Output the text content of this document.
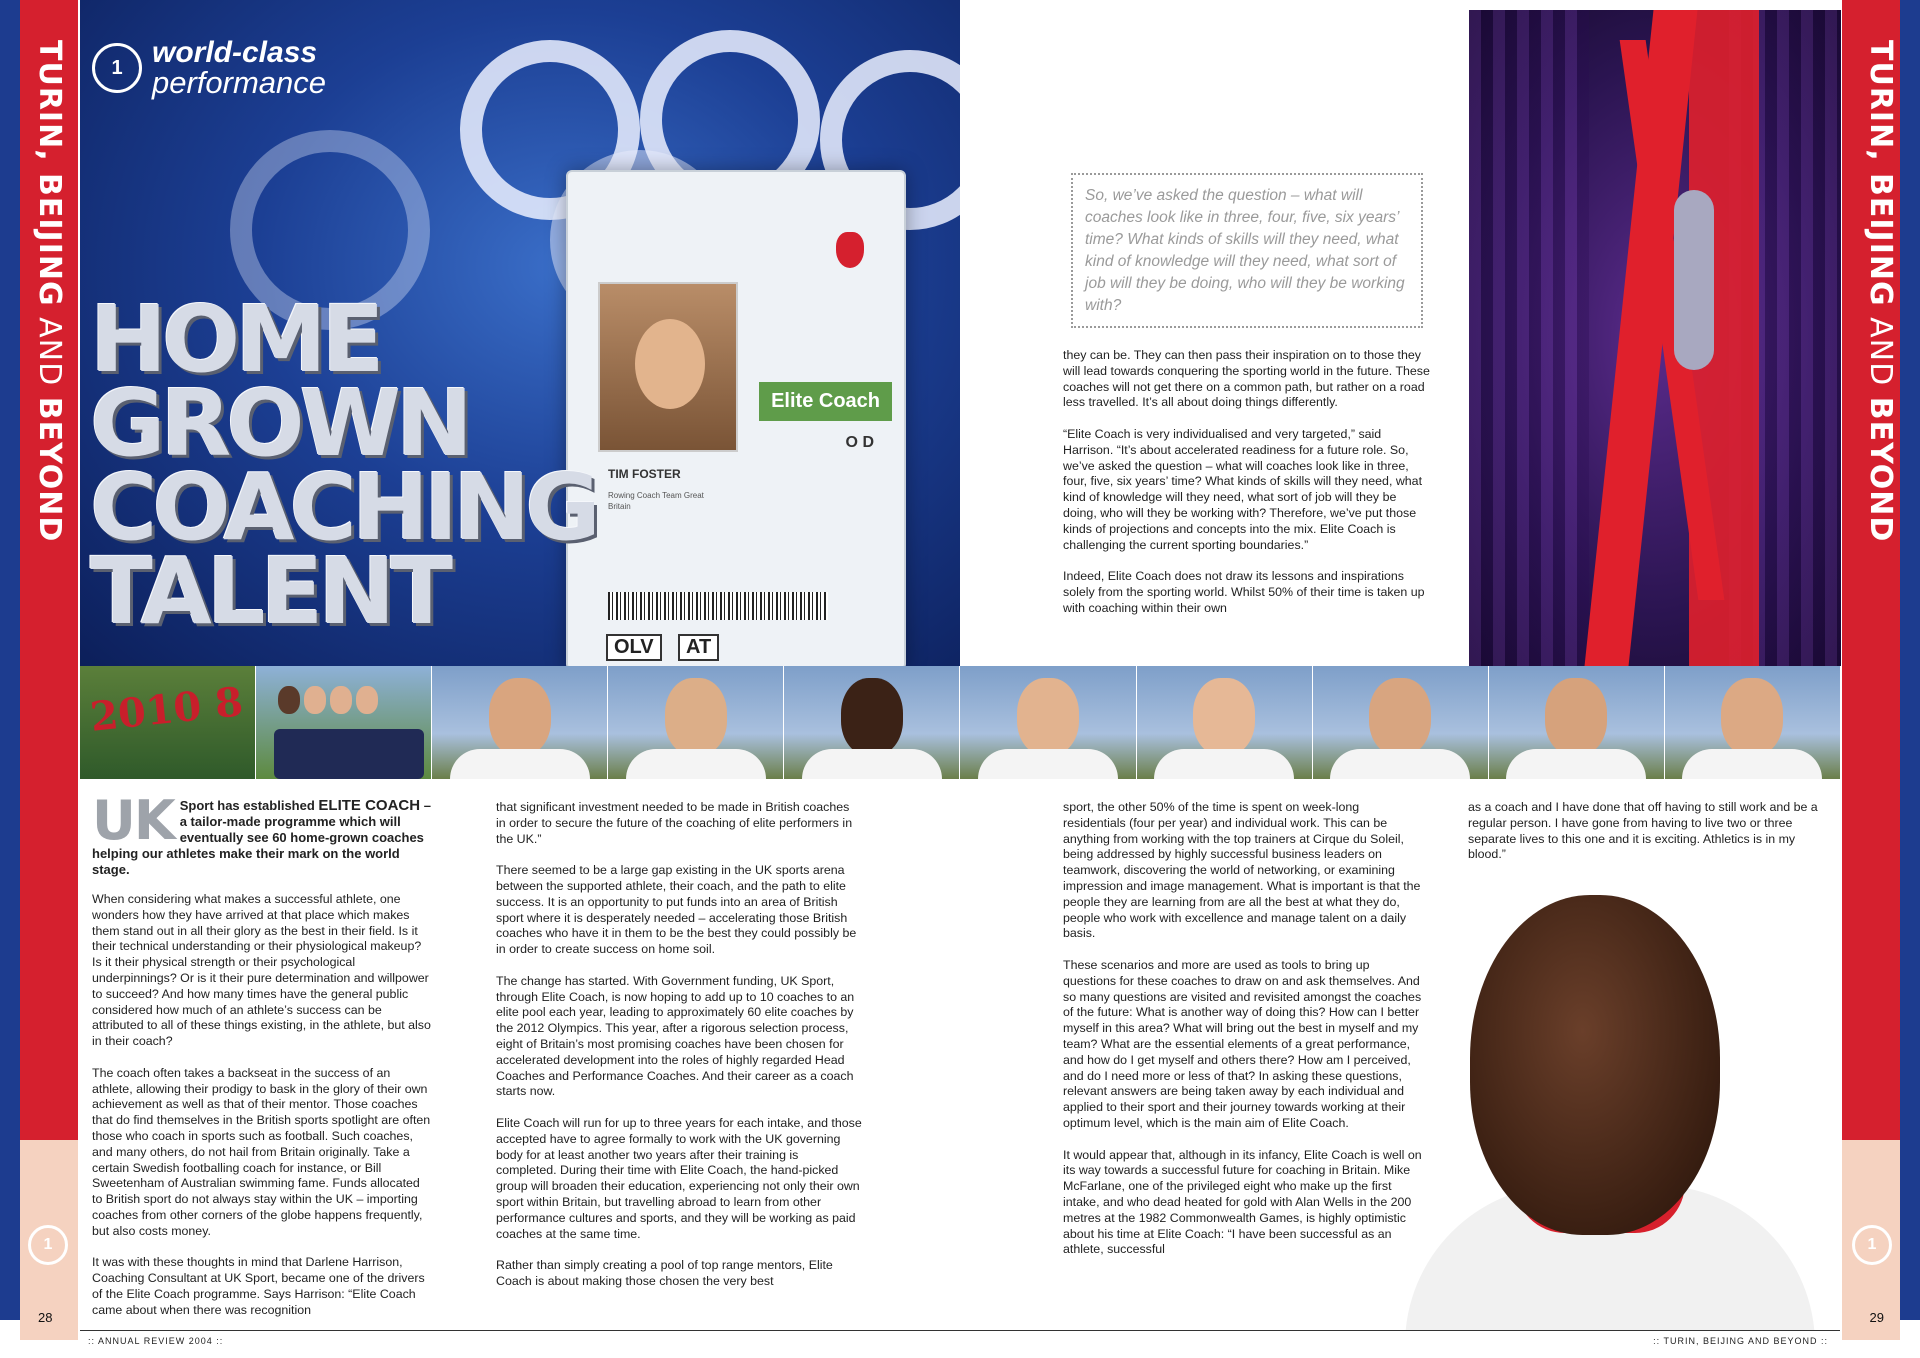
TURIN, BEIJING AND BEYOND
1
28
TURIN, BEIJING AND BEYOND
1
29
Elite Coach
O D
TIM FOSTER
Rowing Coach Team Great Britain
OLV	AT
1 world-class
performance
HOME
GROWN
COACHING
TALENT
So, we’ve asked the question – what will coaches look like in three, four, five, six years’ time? What kinds of skills will they need, what kind of knowledge will they need, what sort of job will they be doing, who will they be working with?

they can be. They can then pass their inspiration on to those they will lead towards conquering the sporting world in the future. These coaches will not get there on a common path, but rather on a road less travelled. It’s all about doing things differently.

“Elite Coach is very individualised and very targeted,” said Harrison. “It’s about accelerated readiness for a future role. So, we’ve asked the question – what will coaches look like in three, four, five, six years’ time? What kinds of skills will they need, what kind of knowledge will they need, what sort of job will they be doing, who will they be working with? Therefore, we’ve put those kinds of projections and concepts into the mix. Elite Coach is challenging the current sporting boundaries.”

Indeed, Elite Coach does not draw its lessons and inspirations solely from the sporting world. Whilst 50% of their time is taken up with coaching within their own

2010 8
UK Sport has established ELITE COACH – a tailor-made programme which will eventually see 60 home-grown coaches helping our athletes make their mark on the world stage.

When considering what makes a successful athlete, one wonders how they have arrived at that place which makes them stand out in all their glory as the best in their field. Is it their technical understanding or their physiological makeup? Is it their physical strength or their psychological underpinnings? Or is it their pure determination and willpower to succeed? And how many times have the general public considered how much of an athlete’s success can be attributed to all of these things existing, in the athlete, but also in their coach?

The coach often takes a backseat in the success of an athlete, allowing their prodigy to bask in the glory of their own achievement as well as that of their mentor. Those coaches that do find themselves in the British sports spotlight are often those who coach in sports such as football. Such coaches, and many others, do not hail from Britain originally. Take a certain Swedish footballing coach for instance, or Bill Sweetenham of Australian swimming fame. Funds allocated to British sport do not always stay within the UK – importing coaches from other corners of the globe happens frequently, but also costs money.

It was with these thoughts in mind that Darlene Harrison, Coaching Consultant at UK Sport, became one of the drivers of the Elite Coach programme. Says Harrison: “Elite Coach came about when there was recognition

that significant investment needed to be made in British coaches in order to secure the future of the coaching of elite performers in the UK.”

There seemed to be a large gap existing in the UK sports arena between the supported athlete, their coach, and the path to elite success. It is an opportunity to put funds into an area of British sport where it is desperately needed – accelerating those British coaches who have it in them to be the best they could possibly be in order to create success on home soil.

The change has started. With Government funding, UK Sport, through Elite Coach, is now hoping to add up to 10 coaches to an elite pool each year, leading to approximately 60 elite coaches by the 2012 Olympics. This year, after a rigorous selection process, eight of Britain’s most promising coaches have been chosen for accelerated development into the roles of highly regarded Head Coaches and Performance Coaches. And their career as a coach starts now.

Elite Coach will run for up to three years for each intake, and those accepted have to agree formally to work with the UK governing body for at least another two years after their training is completed. During their time with Elite Coach, the hand-picked group will broaden their education, experiencing not only their own sport within Britain, but travelling abroad to learn from other performance cultures and sports, and they will be working as paid coaches at the same time.

Rather than simply creating a pool of top range mentors, Elite Coach is about making those chosen the very best

sport, the other 50% of the time is spent on week-long residentials (four per year) and individual work. This can be anything from working with the top trainers at Cirque du Soleil, being addressed by highly successful business leaders on teamwork, discovering the world of networking, or examining impression and image management. What is important is that the people they are learning from are all the best at what they do, people who work with excellence and manage talent on a daily basis.

These scenarios and more are used as tools to bring up questions for these coaches to draw on and ask themselves. And so many questions are visited and revisited amongst the coaches of the future: What is another way of doing this? How can I better myself in this area? What will bring out the best in myself and my team? What are the essential elements of a great performance, and how do I get myself and others there? How am I perceived, and do I need more or less of that? In asking these questions, relevant answers are being taken away by each individual and applied to their sport and their journey towards working at their optimum level, which is the main aim of Elite Coach.

It would appear that, although in its infancy, Elite Coach is well on its way towards a successful future for coaching in Britain. Mike McFarlane, one of the privileged eight who make up the first intake, and who dead heated for gold with Alan Wells in the 200 metres at the 1982 Commonwealth Games, is highly optimistic about his time at Elite Coach: “I have been successful as an athlete, successful

as a coach and I have done that off having to still work and be a regular person. I have gone from having to live two or three separate lives to this one and it is exciting. Athletics is in my blood.”

:: ANNUAL REVIEW 2004 ::	:: TURIN, BEIJING AND BEYOND ::
